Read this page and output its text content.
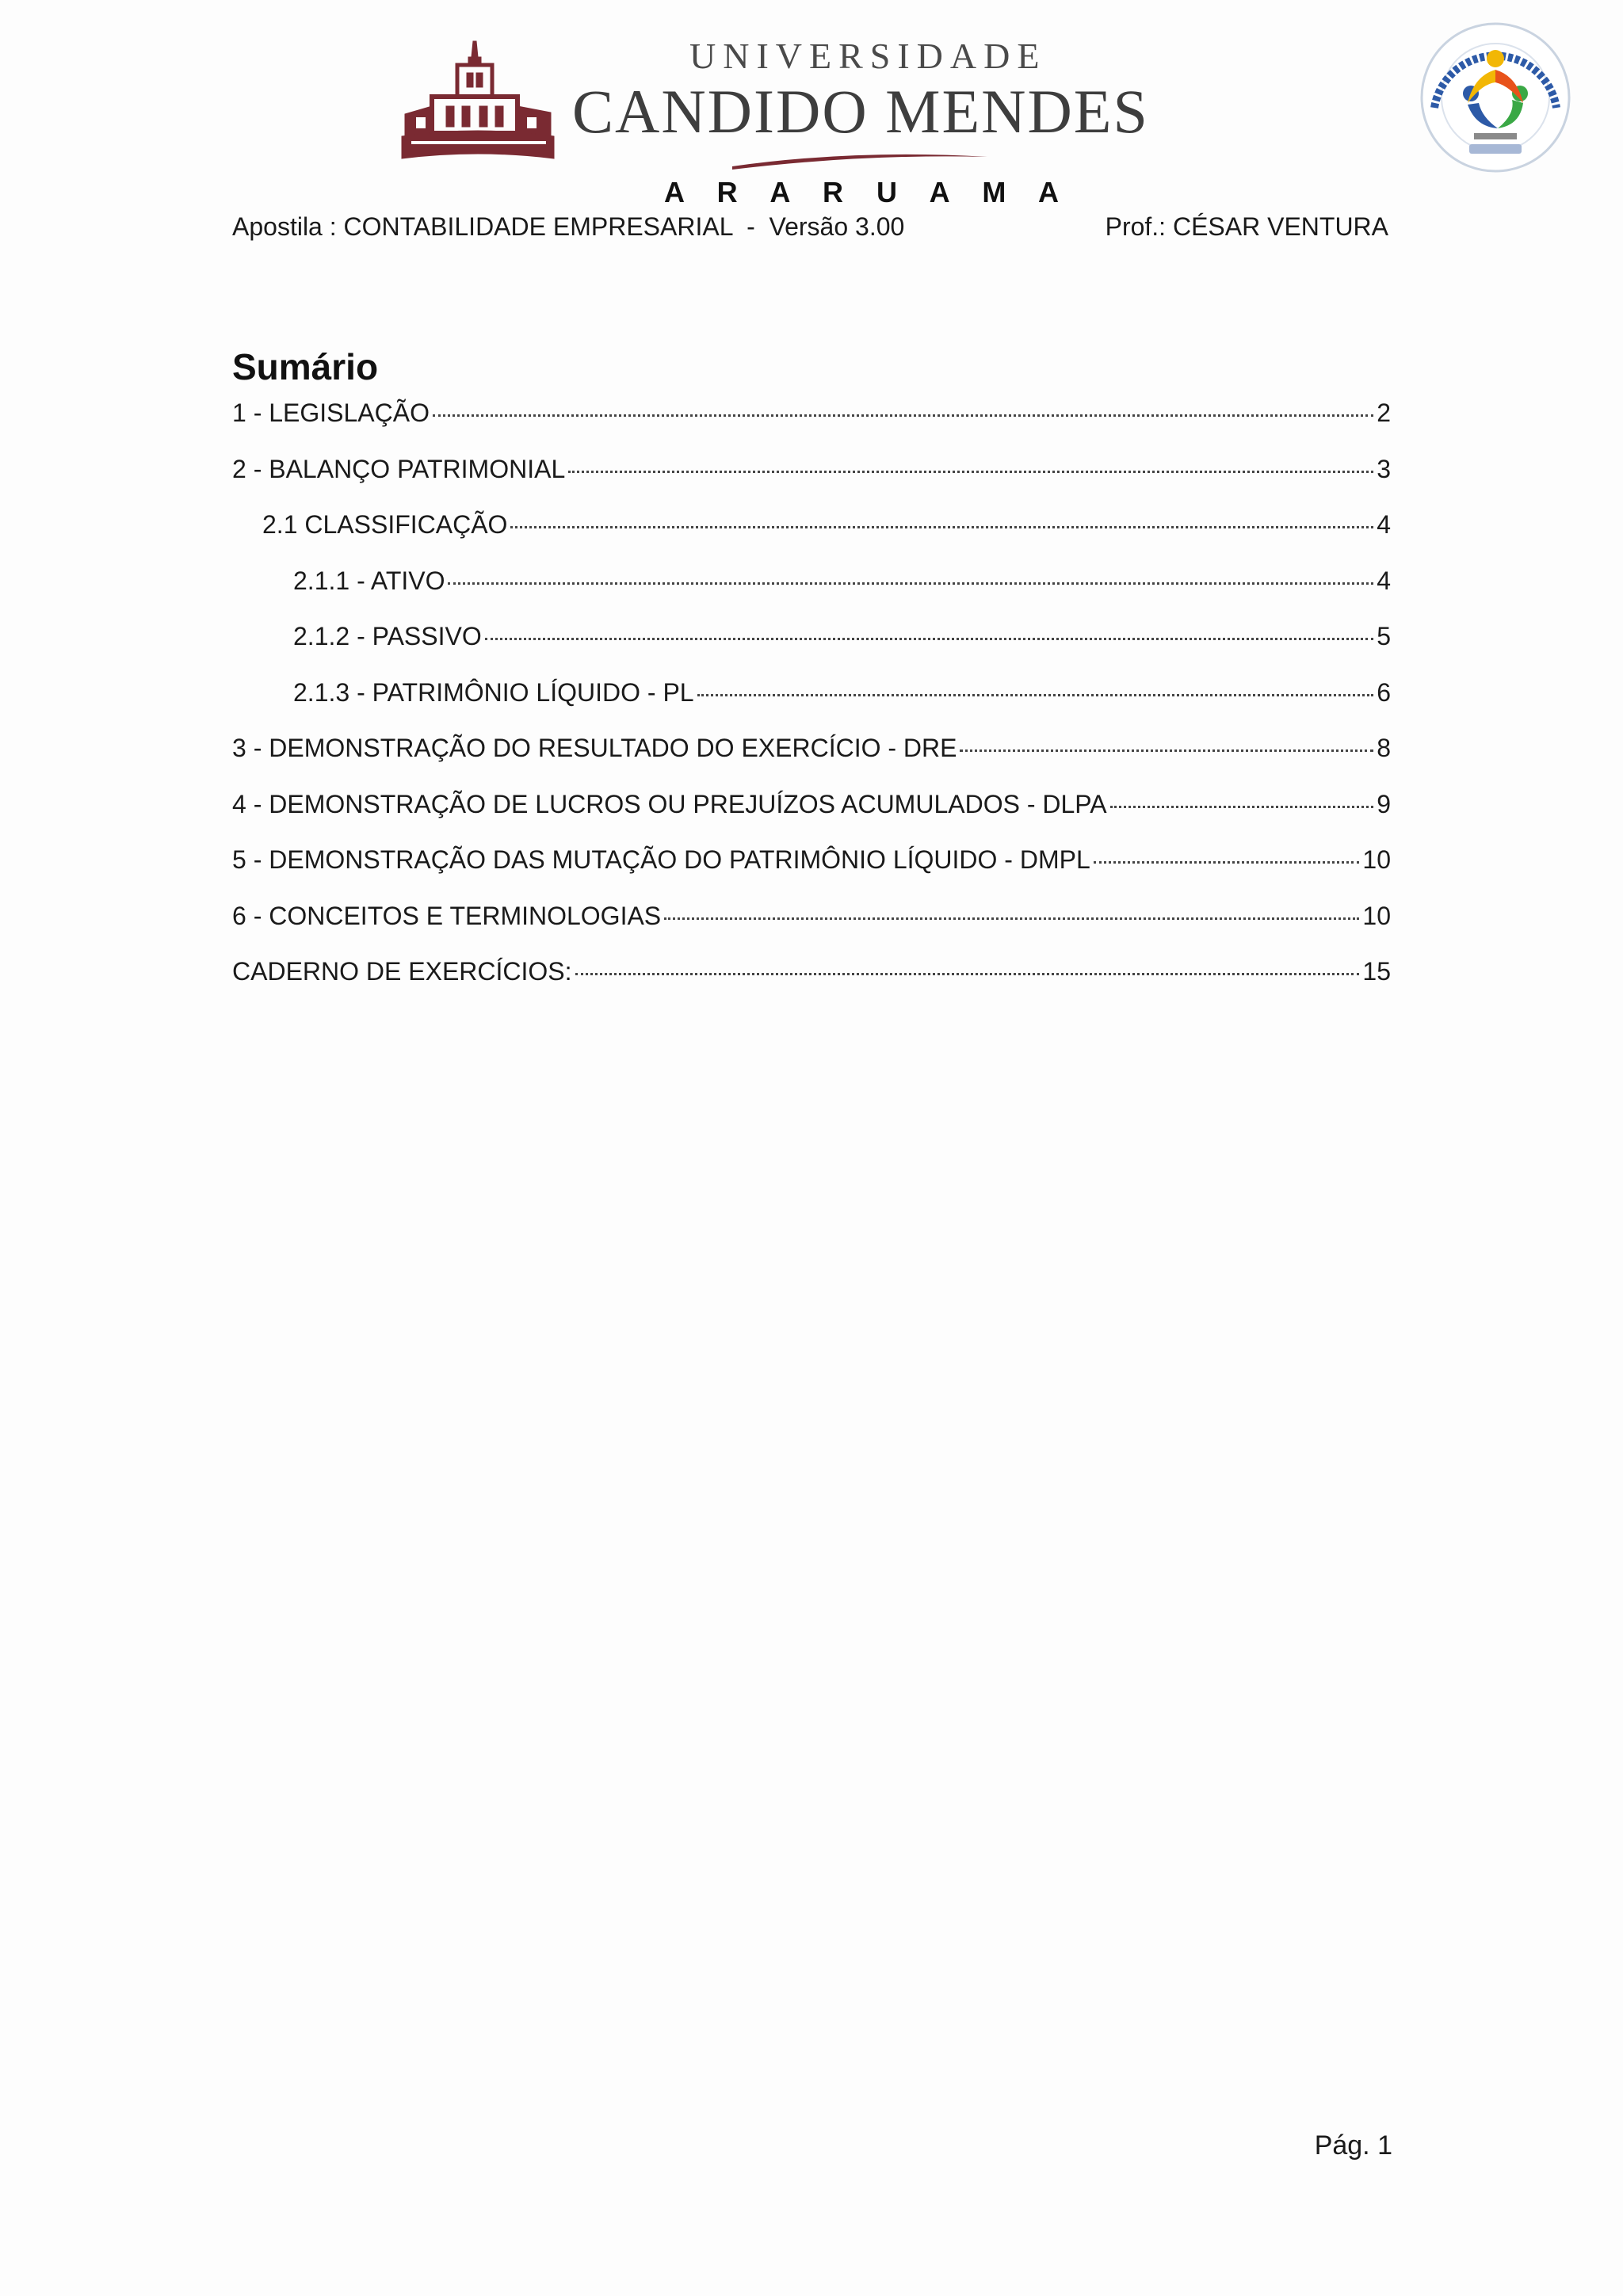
UNIVERSIDADE
CANDIDO MENDES
A R A R U A M A
Apostila : CONTABILIDADE EMPRESARIAL  -  Versão 3.00	Prof.: CÉSAR VENTURA
Sumário
1 - LEGISLAÇÃO	2
2 - BALANÇO PATRIMONIAL	3
2.1 CLASSIFICAÇÃO	4
2.1.1 - ATIVO	4
2.1.2 - PASSIVO	5
2.1.3 - PATRIMÔNIO LÍQUIDO - PL	6
3 - DEMONSTRAÇÃO DO RESULTADO DO EXERCÍCIO - DRE	8
4 - DEMONSTRAÇÃO DE LUCROS OU PREJUÍZOS ACUMULADOS - DLPA	9
5 - DEMONSTRAÇÃO DAS MUTAÇÃO DO PATRIMÔNIO LÍQUIDO - DMPL	10
6 - CONCEITOS E TERMINOLOGIAS	10
CADERNO DE EXERCÍCIOS:	15
Pág. 1
